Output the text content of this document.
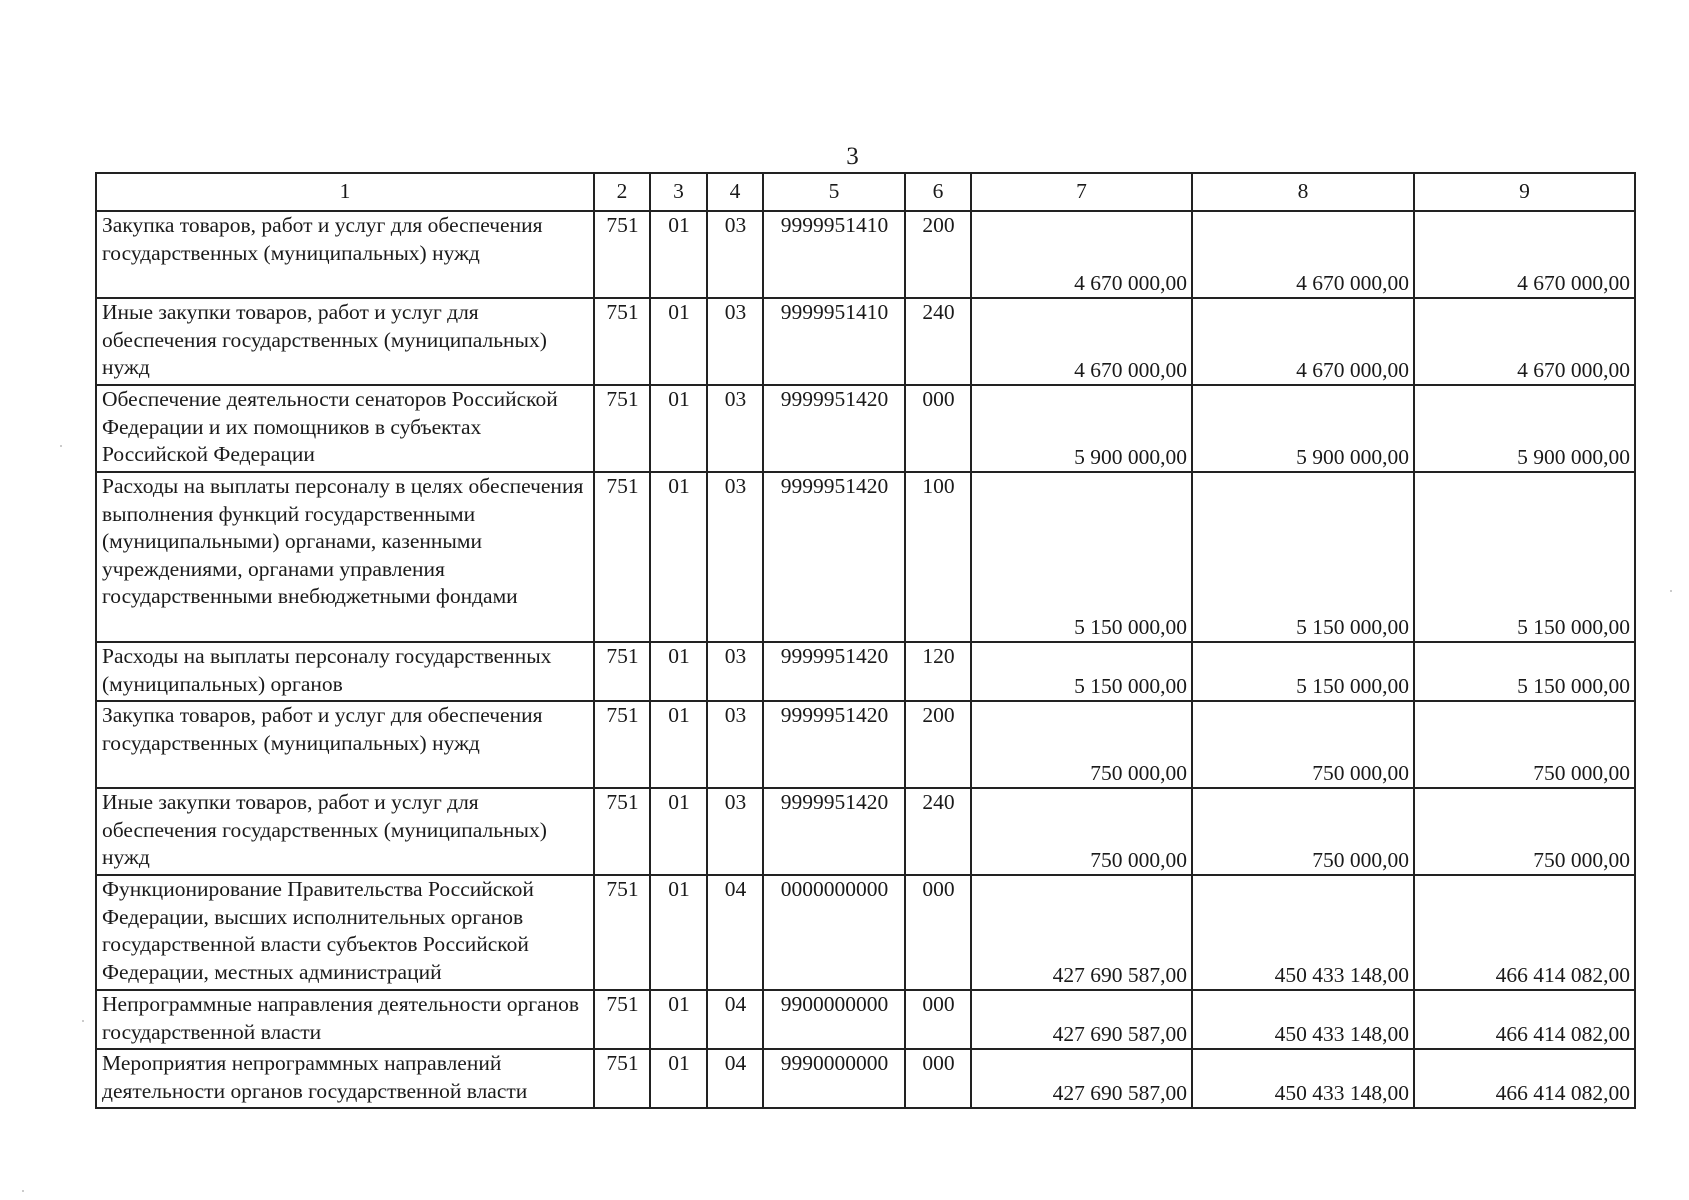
3
1	2	3	4	5	6	7	8	9
Закупка товаров, работ и услуг для обеспечения государственных (муниципальных) нужд	751	01	03	9999951410	200	4 670 000,00	4 670 000,00	4 670 000,00
Иные закупки товаров, работ и услуг для обеспечения государственных (муниципальных) нужд	751	01	03	9999951410	240	4 670 000,00	4 670 000,00	4 670 000,00
Обеспечение деятельности сенаторов Российской Федерации и их помощников в субъектах Российской Федерации	751	01	03	9999951420	000	5 900 000,00	5 900 000,00	5 900 000,00
Расходы на выплаты персоналу в целях обеспечения выполнения функций государственными (муниципальными) органами, казенными учреждениями, органами управления государственными внебюджетными фондами	751	01	03	9999951420	100	5 150 000,00	5 150 000,00	5 150 000,00
Расходы на выплаты персоналу государственных (муниципальных) органов	751	01	03	9999951420	120	5 150 000,00	5 150 000,00	5 150 000,00
Закупка товаров, работ и услуг для обеспечения государственных (муниципальных) нужд	751	01	03	9999951420	200	750 000,00	750 000,00	750 000,00
Иные закупки товаров, работ и услуг для обеспечения государственных (муниципальных) нужд	751	01	03	9999951420	240	750 000,00	750 000,00	750 000,00
Функционирование Правительства Российской Федерации, высших исполнительных органов государственной власти субъектов Российской Федерации, местных администраций	751	01	04	0000000000	000	427 690 587,00	450 433 148,00	466 414 082,00
Непрограммные направления деятельности органов государственной власти	751	01	04	9900000000	000	427 690 587,00	450 433 148,00	466 414 082,00
Мероприятия непрограммных направлений деятельности органов государственной власти	751	01	04	9990000000	000	427 690 587,00	450 433 148,00	466 414 082,00
